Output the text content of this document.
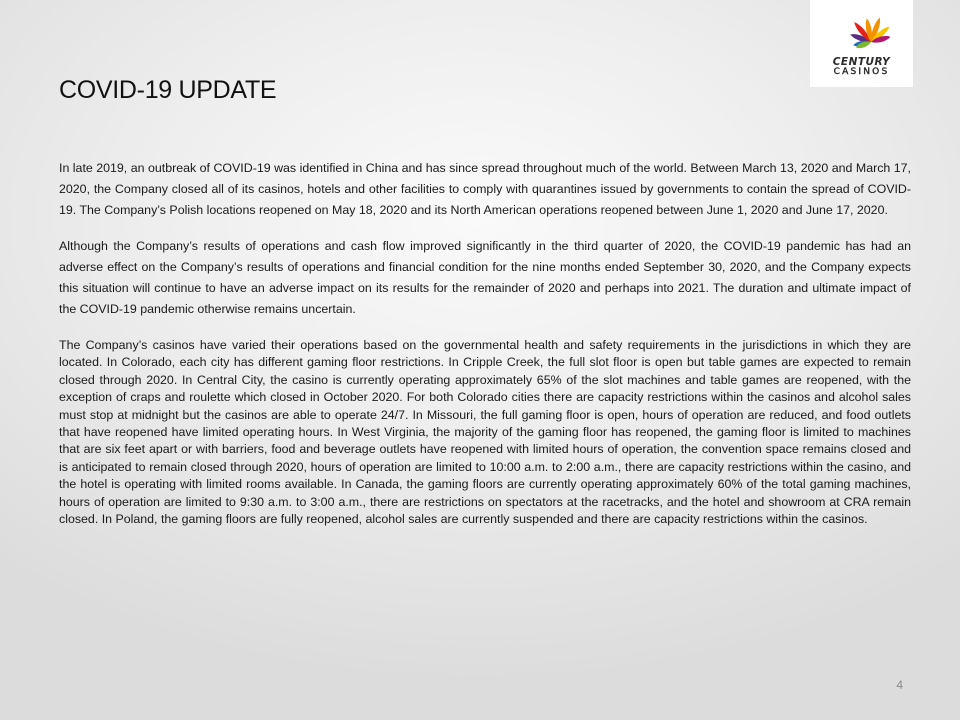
CENTURY
CASINOS
COVID-19 UPDATE

In late 2019, an outbreak of COVID-19 was identified in China and has since spread throughout much of the world. Between March 13, 2020 and March 17, 2020, the Company closed all of its casinos, hotels and other facilities to comply with quarantines issued by governments to contain the spread of COVID-19. The Company’s Polish locations reopened on May 18, 2020 and its North American operations reopened between June 1, 2020 and June 17, 2020.

Although the Company’s results of operations and cash flow improved significantly in the third quarter of 2020, the COVID-19 pandemic has had an adverse effect on the Company’s results of operations and financial condition for the nine months ended September 30, 2020, and the Company expects this situation will continue to have an adverse impact on its results for the remainder of 2020 and perhaps into 2021. The duration and ultimate impact of the COVID-19 pandemic otherwise remains uncertain.

The Company’s casinos have varied their operations based on the governmental health and safety requirements in the jurisdictions in which they are located. In Colorado, each city has different gaming floor restrictions. In Cripple Creek, the full slot floor is open but table games are expected to remain closed through 2020. In Central City, the casino is currently operating approximately 65% of the slot machines and table games are reopened, with the exception of craps and roulette which closed in October 2020. For both Colorado cities there are capacity restrictions within the casinos and alcohol sales must stop at midnight but the casinos are able to operate 24/7. In Missouri, the full gaming floor is open, hours of operation are reduced, and food outlets that have reopened have limited operating hours. In West Virginia, the majority of the gaming floor has reopened, the gaming floor is limited to machines that are six feet apart or with barriers, food and beverage outlets have reopened with limited hours of operation, the convention space remains closed and is anticipated to remain closed through 2020, hours of operation are limited to 10:00 a.m. to 2:00 a.m., there are capacity restrictions within the casino, and the hotel is operating with limited rooms available. In Canada, the gaming floors are currently operating approximately 60% of the total gaming machines, hours of operation are limited to 9:30 a.m. to 3:00 a.m., there are restrictions on spectators at the racetracks, and the hotel and showroom at CRA remain closed. In Poland, the gaming floors are fully reopened, alcohol sales are currently suspended and there are capacity restrictions within the casinos.

4
